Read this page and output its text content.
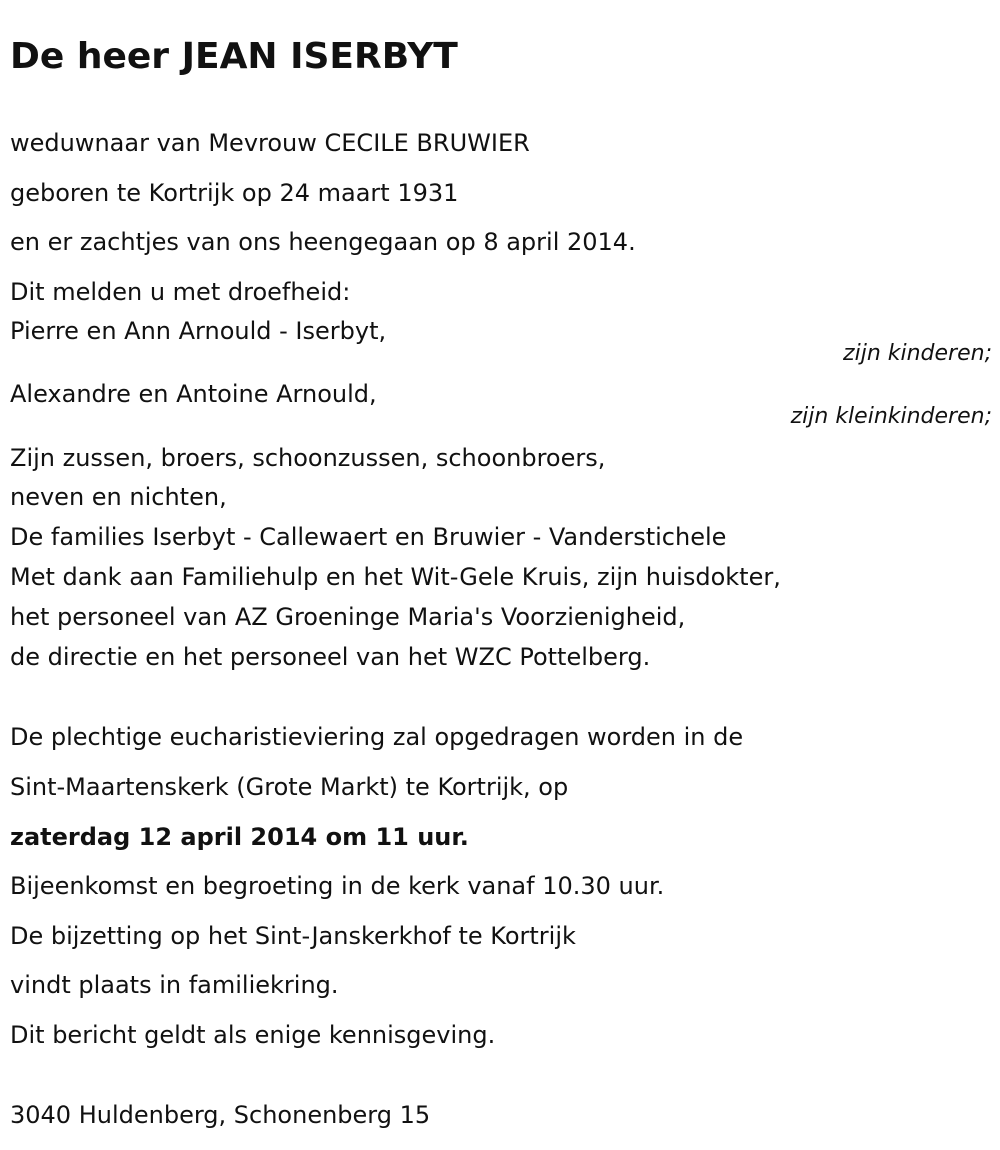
De heer JEAN ISERBYT
weduwnaar van Mevrouw CECILE BRUWIER
geboren te Kortrijk op 24 maart 1931
en er zachtjes van ons heengegaan op 8 april 2014.
Dit melden u met droefheid:
Pierre en Ann Arnould - Iserbyt,
zijn kinderen;
Alexandre en Antoine Arnould,
zijn kleinkinderen;
Zijn zussen, broers, schoonzussen, schoonbroers,
neven en nichten,
De families Iserbyt - Callewaert en Bruwier - Vanderstichele
Met dank aan Familiehulp en het Wit-Gele Kruis, zijn huisdokter,
het personeel van AZ Groeninge Maria's Voorzienigheid,
de directie en het personeel van het WZC Pottelberg.
De plechtige eucharistieviering zal opgedragen worden in de
Sint-Maartenskerk (Grote Markt) te Kortrijk, op
zaterdag 12 april 2014 om 11 uur.
Bijeenkomst en begroeting in de kerk vanaf 10.30 uur.
De bijzetting op het Sint-Janskerkhof te Kortrijk
vindt plaats in familiekring.
Dit bericht geldt als enige kennisgeving.
3040 Huldenberg, Schonenberg 15
